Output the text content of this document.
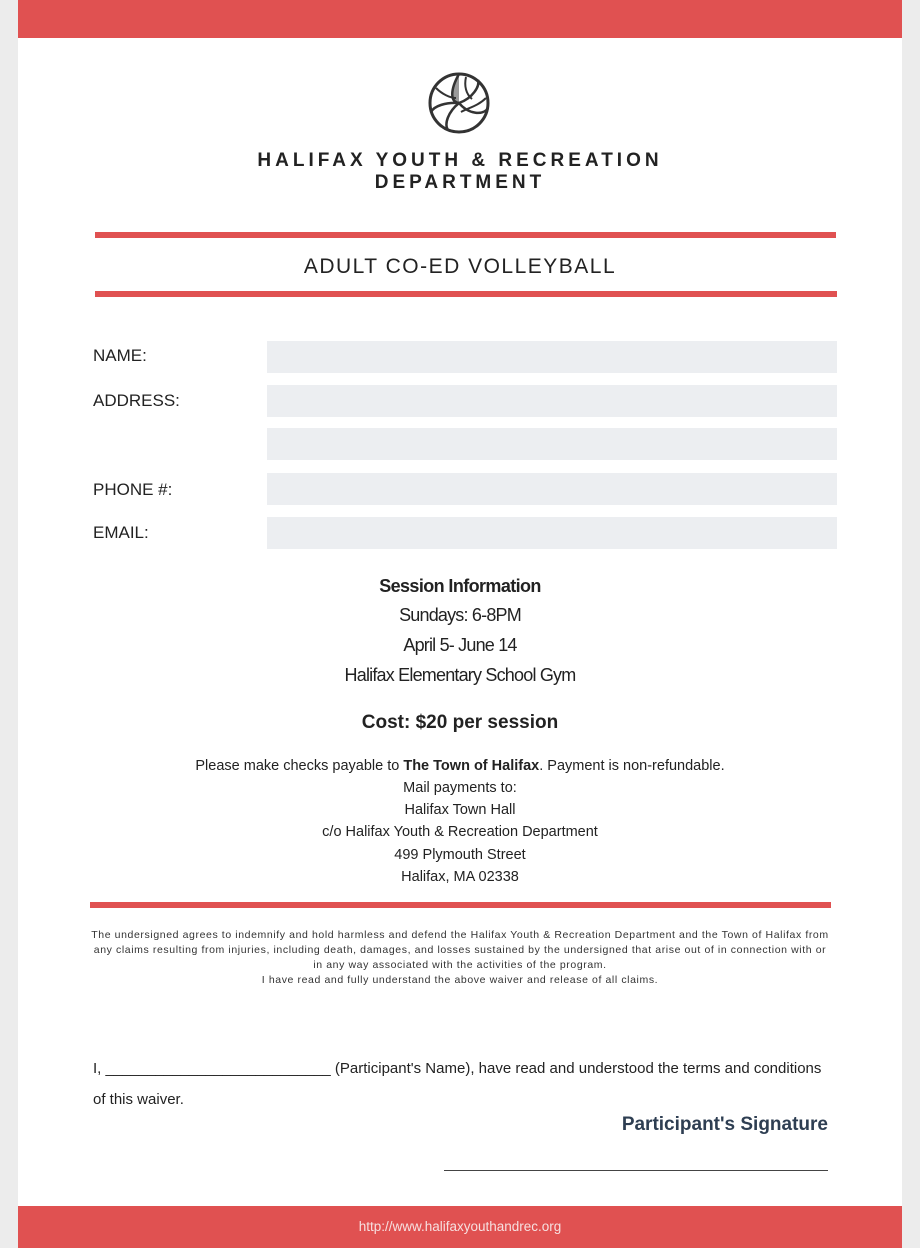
HALIFAX YOUTH & RECREATION
DEPARTMENT
ADULT CO-ED VOLLEYBALL
NAME:
ADDRESS:
PHONE #:
EMAIL:
Session Information
Sundays: 6-8PM
April 5- June 14
Halifax Elementary School Gym
Cost: $20 per session
Please make checks payable to The Town of Halifax. Payment is non-refundable.
Mail payments to:
Halifax Town Hall
c/o Halifax Youth & Recreation Department
499 Plymouth Street
Halifax, MA 02338
The undersigned agrees to indemnify and hold harmless and defend the Halifax Youth & Recreation Department and the Town of Halifax from any claims resulting from injuries, including death, damages, and losses sustained by the undersigned that arise out of in connection with or in any way associated with the activities of the program.
I have read and fully understand the above waiver and release of all claims.
I, ___________________________ (Participant's Name), have read and understood the terms and conditions
of this waiver.
Participant's Signature
http://www.halifaxyouthandrec.org
